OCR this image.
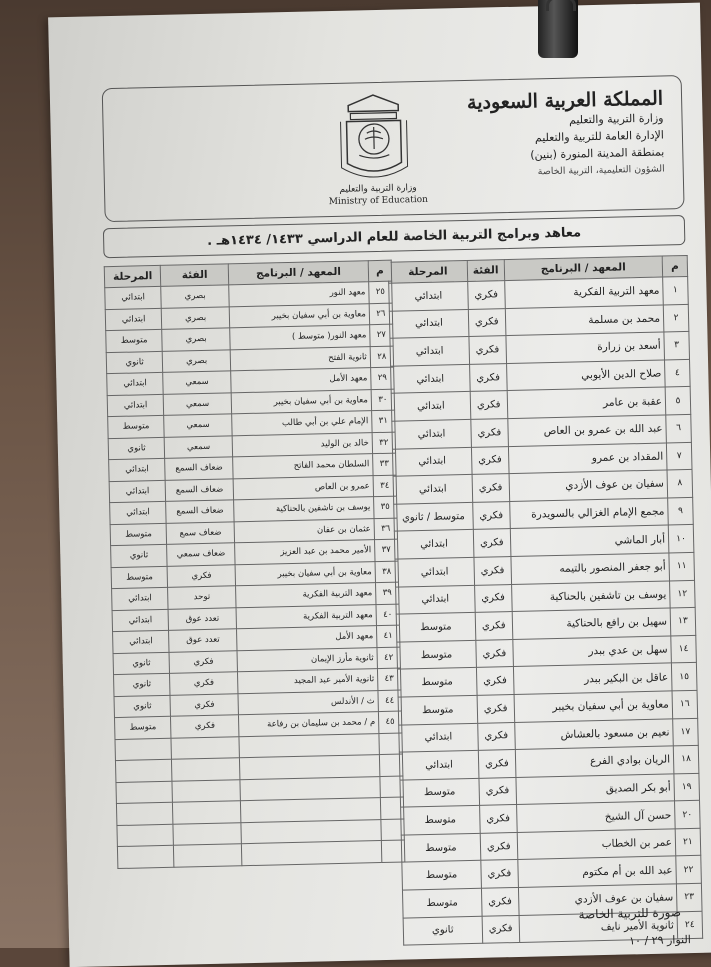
المملكة العربية السعودية
وزارة التربية والتعليم
الإدارة العامة للتربية والتعليم
بمنطقة المدينة المنورة (بنين)
الشؤون التعليمية، التربية الخاصة
وزارة التربية والتعليم
Ministry of Education
معاهد وبرامج التربية الخاصة للعام الدراسي ١٤٣٣/ ١٤٣٤هـ .
م	المعهد / البرنامج	الفئة	المرحلة
١	معهد التربية الفكرية	فكري	ابتدائي
٢	محمد بن مسلمة	فكري	ابتدائي
٣	أسعد بن زرارة	فكري	ابتدائي
٤	صلاح الدين الأيوبي	فكري	ابتدائي
٥	عقبة بن عامر	فكري	ابتدائي
٦	عبد الله بن عمرو بن العاص	فكري	ابتدائي
٧	المقداد بن عمرو	فكري	ابتدائي
٨	سفيان بن عوف الأزدي	فكري	ابتدائي
٩	مجمع الإمام الغزالي بالسويدرة	فكري	متوسط / ثانوي
١٠	أبار الماشي	فكري	ابتدائي
١١	أبو جعفر المنصور بالتيمه	فكري	ابتدائي
١٢	يوسف بن تاشفين بالحناكية	فكري	ابتدائي
١٣	سهيل بن رافع بالحناكية	فكري	متوسط
١٤	سهل بن عدي ببدر	فكري	متوسط
١٥	عاقل بن البكير ببدر	فكري	متوسط
١٦	معاوية بن أبي سفيان بخيبر	فكري	متوسط
١٧	نعيم بن مسعود بالعشاش	فكري	ابتدائي
١٨	الريان بوادي الفرع	فكري	ابتدائي
١٩	أبو بكر الصديق	فكري	متوسط
٢٠	حسن آل الشيخ	فكري	متوسط
٢١	عمر بن الخطاب	فكري	متوسط
٢٢	عبد الله بن أم مكتوم	فكري	متوسط
٢٣	سفيان بن عوف الأزدي	فكري	متوسط
٢٤	ثانوية الأمير نايف	فكري	ثانوي
م	المعهد / البرنامج	الفئة	المرحلة
٢٥	معهد النور	بصري	ابتدائي
٢٦	معاوية بن أبي سفيان بخيبر	بصري	ابتدائي
٢٧	معهد النور( متوسط )	بصري	متوسط
٢٨	ثانوية الفتح	بصري	ثانوي
٢٩	معهد الأمل	سمعي	ابتدائي
٣٠	معاوية بن أبي سفيان بخيبر	سمعي	ابتدائي
٣١	الإمام علي بن أبي طالب	سمعي	متوسط
٣٢	خالد بن الوليد	سمعي	ثانوي
٣٣	السلطان محمد الفاتح	ضعاف السمع	ابتدائي
٣٤	عمرو بن العاص	ضعاف السمع	ابتدائي
٣٥	يوسف بن تاشفين بالحناكية	ضعاف السمع	ابتدائي
٣٦	عثمان بن عفان	ضعاف سمع	متوسط
٣٧	الأمير محمد بن عبد العزيز	ضعاف سمعي	ثانوي
٣٨	معاوية بن أبي سفيان بخيبر	فكري	متوسط
٣٩	معهد التربية الفكرية	توحد	ابتدائي
٤٠	معهد التربية الفكرية	تعدد عوق	ابتدائي
٤١	معهد الأمل	تعدد عوق	ابتدائي
٤٢	ثانوية مأرز الإيمان	فكري	ثانوي
٤٣	ثانوية الأمير عبد المجيد	فكري	ثانوي
٤٤	ث / الأندلس	فكري	ثانوي
٤٥	م / محمد بن سليمان بن رفاعة	فكري	متوسط

صورة للتربية الخاصة
النوار ٢٩ / ١٠
